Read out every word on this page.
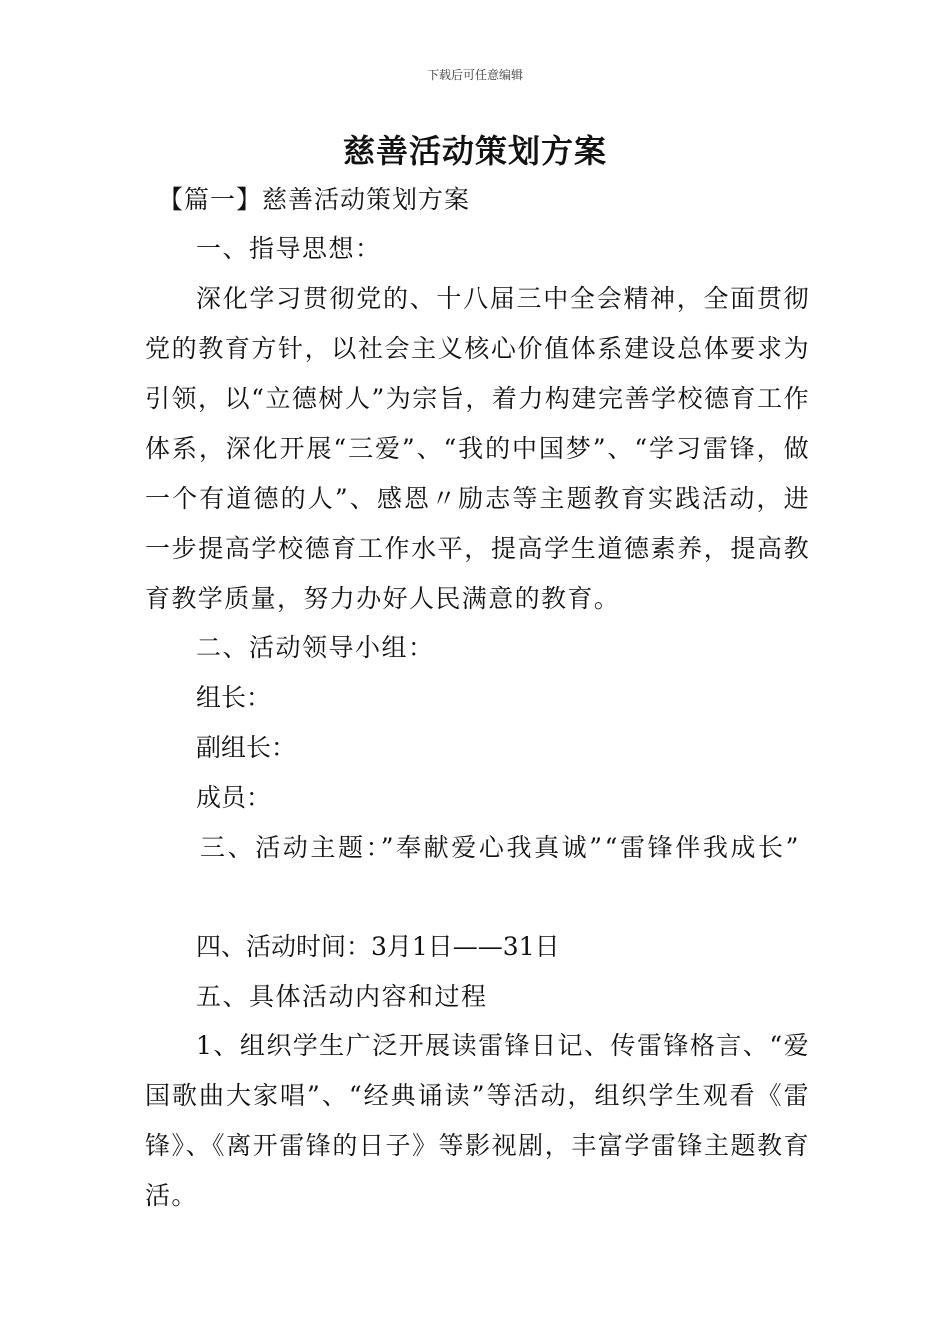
下载后可任意编辑
慈善活动策划方案
【篇一】慈善活动策划方案
一、指导思想：

深化学习贯彻党的、十八届三中全会精神，全面贯彻党的教育方针，以社会主义核心价值体系建设总体要求为引领，以“立德树人”为宗旨，着力构建完善学校德育工作体系，深化开展“三爱”、“我的中国梦”、“学习雷锋，做一个有道德的人”、感恩〃励志等主题教育实践活动，进一步提高学校德育工作水平，提高学生道德素养，提高教育教学质量，努力办好人民满意的教育。

二、活动领导小组：
组长：
副组长：
成员：

三、活动主题：”奉献爱心我真诚”“雷锋伴我成长”

四、活动时间：3月1日——31日
五、具体活动内容和过程

1、组织学生广泛开展读雷锋日记、传雷锋格言、“爱国歌曲大家唱”、“经典诵读”等活动，组织学生观看《雷锋》、《离开雷锋的日子》等影视剧，丰富学雷锋主题教育活。
